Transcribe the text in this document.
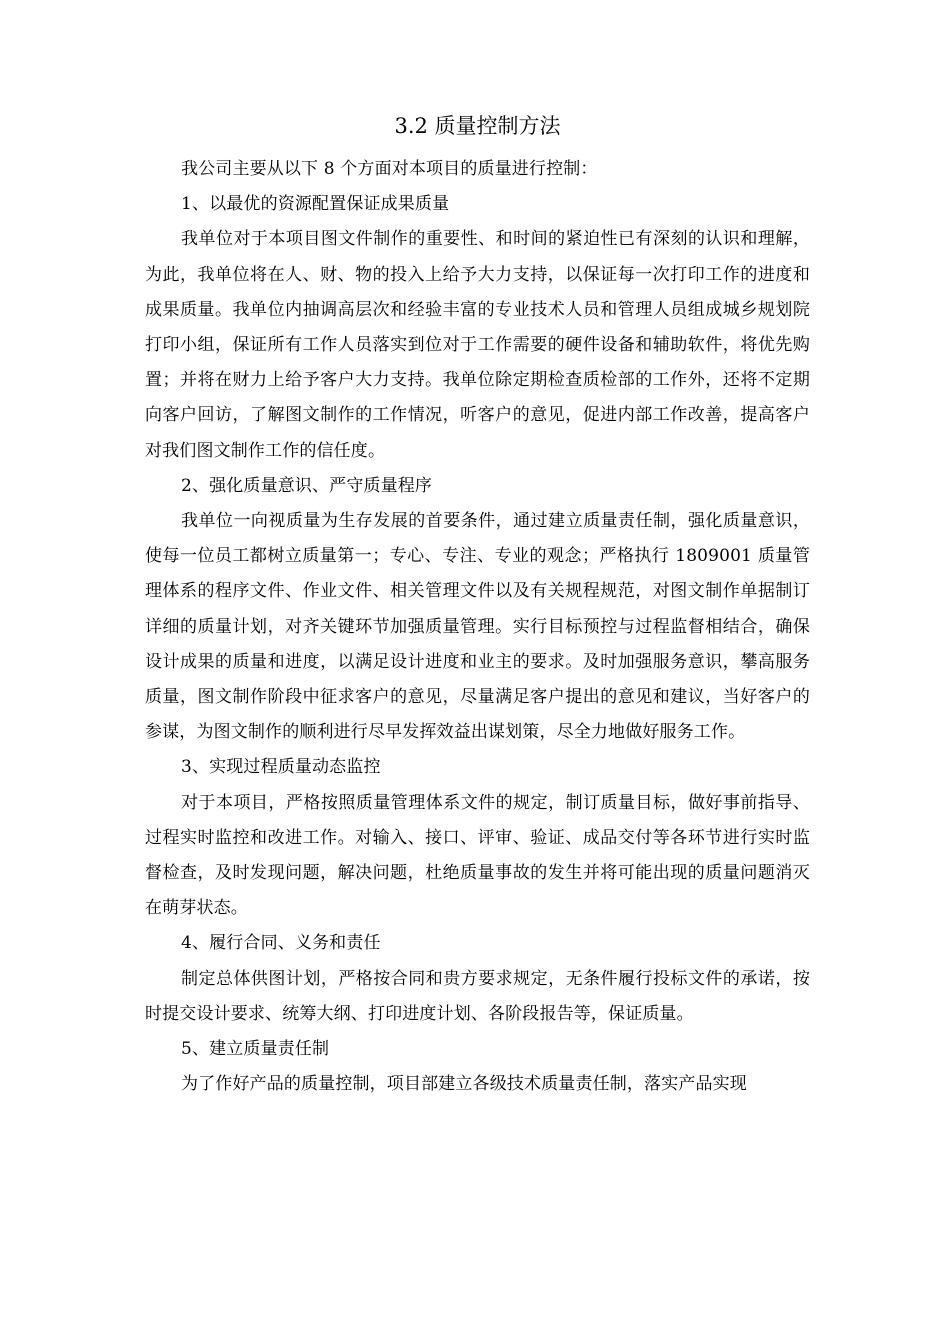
3.2 质量控制方法

我公司主要从以下 8 个方面对本项目的质量进行控制：

1、以最优的资源配置保证成果质量

我单位对于本项目图文件制作的重要性、和时间的紧迫性已有深刻的认识和理解，为此，我单位将在人、财、物的投入上给予大力支持，以保证每一次打印工作的进度和成果质量。我单位内抽调高层次和经验丰富的专业技术人员和管理人员组成城乡规划院打印小组，保证所有工作人员落实到位对于工作需要的硬件设备和辅助软件，将优先购置；并将在财力上给予客户大力支持。我单位除定期检查质检部的工作外，还将不定期向客户回访，了解图文制作的工作情况，听客户的意见，促进内部工作改善，提高客户对我们图文制作工作的信任度。

2、强化质量意识、严守质量程序

我单位一向视质量为生存发展的首要条件，通过建立质量责任制，强化质量意识，使每一位员工都树立质量第一；专心、专注、专业的观念；严格执行 1809001 质量管理体系的程序文件、作业文件、相关管理文件以及有关规程规范，对图文制作单据制订详细的质量计划，对齐关键环节加强质量管理。实行目标预控与过程监督相结合，确保设计成果的质量和进度，以满足设计进度和业主的要求。及时加强服务意识，攀高服务质量，图文制作阶段中征求客户的意见，尽量满足客户提出的意见和建议，当好客户的参谋，为图文制作的顺利进行尽早发挥效益出谋划策，尽全力地做好服务工作。

3、实现过程质量动态监控

对于本项目，严格按照质量管理体系文件的规定，制订质量目标，做好事前指导、过程实时监控和改进工作。对输入、接口、评审、验证、成品交付等各环节进行实时监督检查，及时发现问题，解决问题，杜绝质量事故的发生并将可能出现的质量问题消灭在萌芽状态。

4、履行合同、义务和责任

制定总体供图计划，严格按合同和贵方要求规定，无条件履行投标文件的承诺，按时提交设计要求、统筹大纲、打印进度计划、各阶段报告等，保证质量。

5、建立质量责任制

为了作好产品的质量控制，项目部建立各级技术质量责任制，落实产品实现
